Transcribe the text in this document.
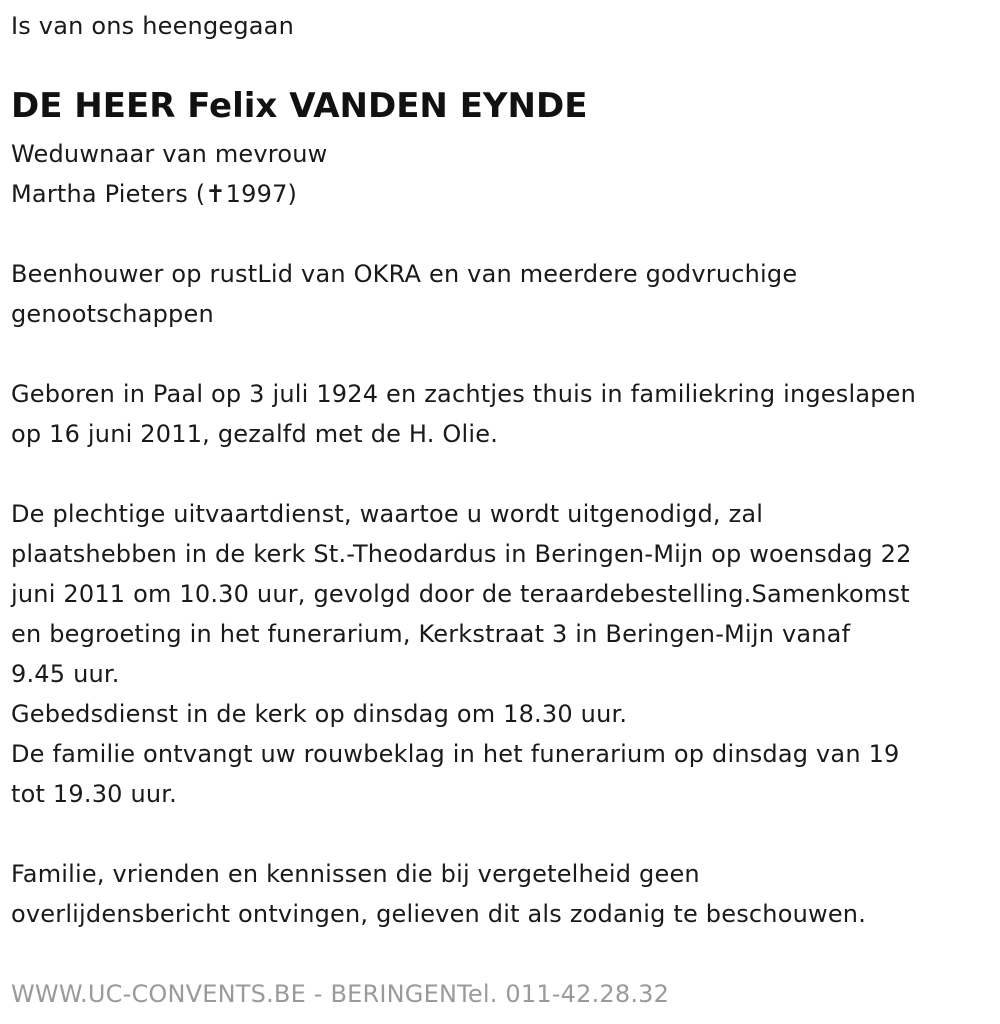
Is van ons heengegaan
DE HEER Felix VANDEN EYNDE
Weduwnaar van mevrouw
Martha Pieters (✝1997)
Beenhouwer op rustLid van OKRA en van meerdere godvruchige
genootschappen
Geboren in Paal op 3 juli 1924 en zachtjes thuis in familiekring ingeslapen
op 16 juni 2011, gezalfd met de H. Olie.
De plechtige uitvaartdienst, waartoe u wordt uitgenodigd, zal
plaatshebben in de kerk St.-Theodardus in Beringen-Mijn op woensdag 22
juni 2011 om 10.30 uur, gevolgd door de teraardebestelling.Samenkomst
en begroeting in het funerarium, Kerkstraat 3 in Beringen-Mijn vanaf
9.45 uur.
Gebedsdienst in de kerk op dinsdag om 18.30 uur.
De familie ontvangt uw rouwbeklag in het funerarium op dinsdag van 19
tot 19.30 uur.
Familie, vrienden en kennissen die bij vergetelheid geen
overlijdensbericht ontvingen, gelieven dit als zodanig te beschouwen.
WWW.UC-CONVENTS.BE - BERINGENTel. 011-42.28.32
